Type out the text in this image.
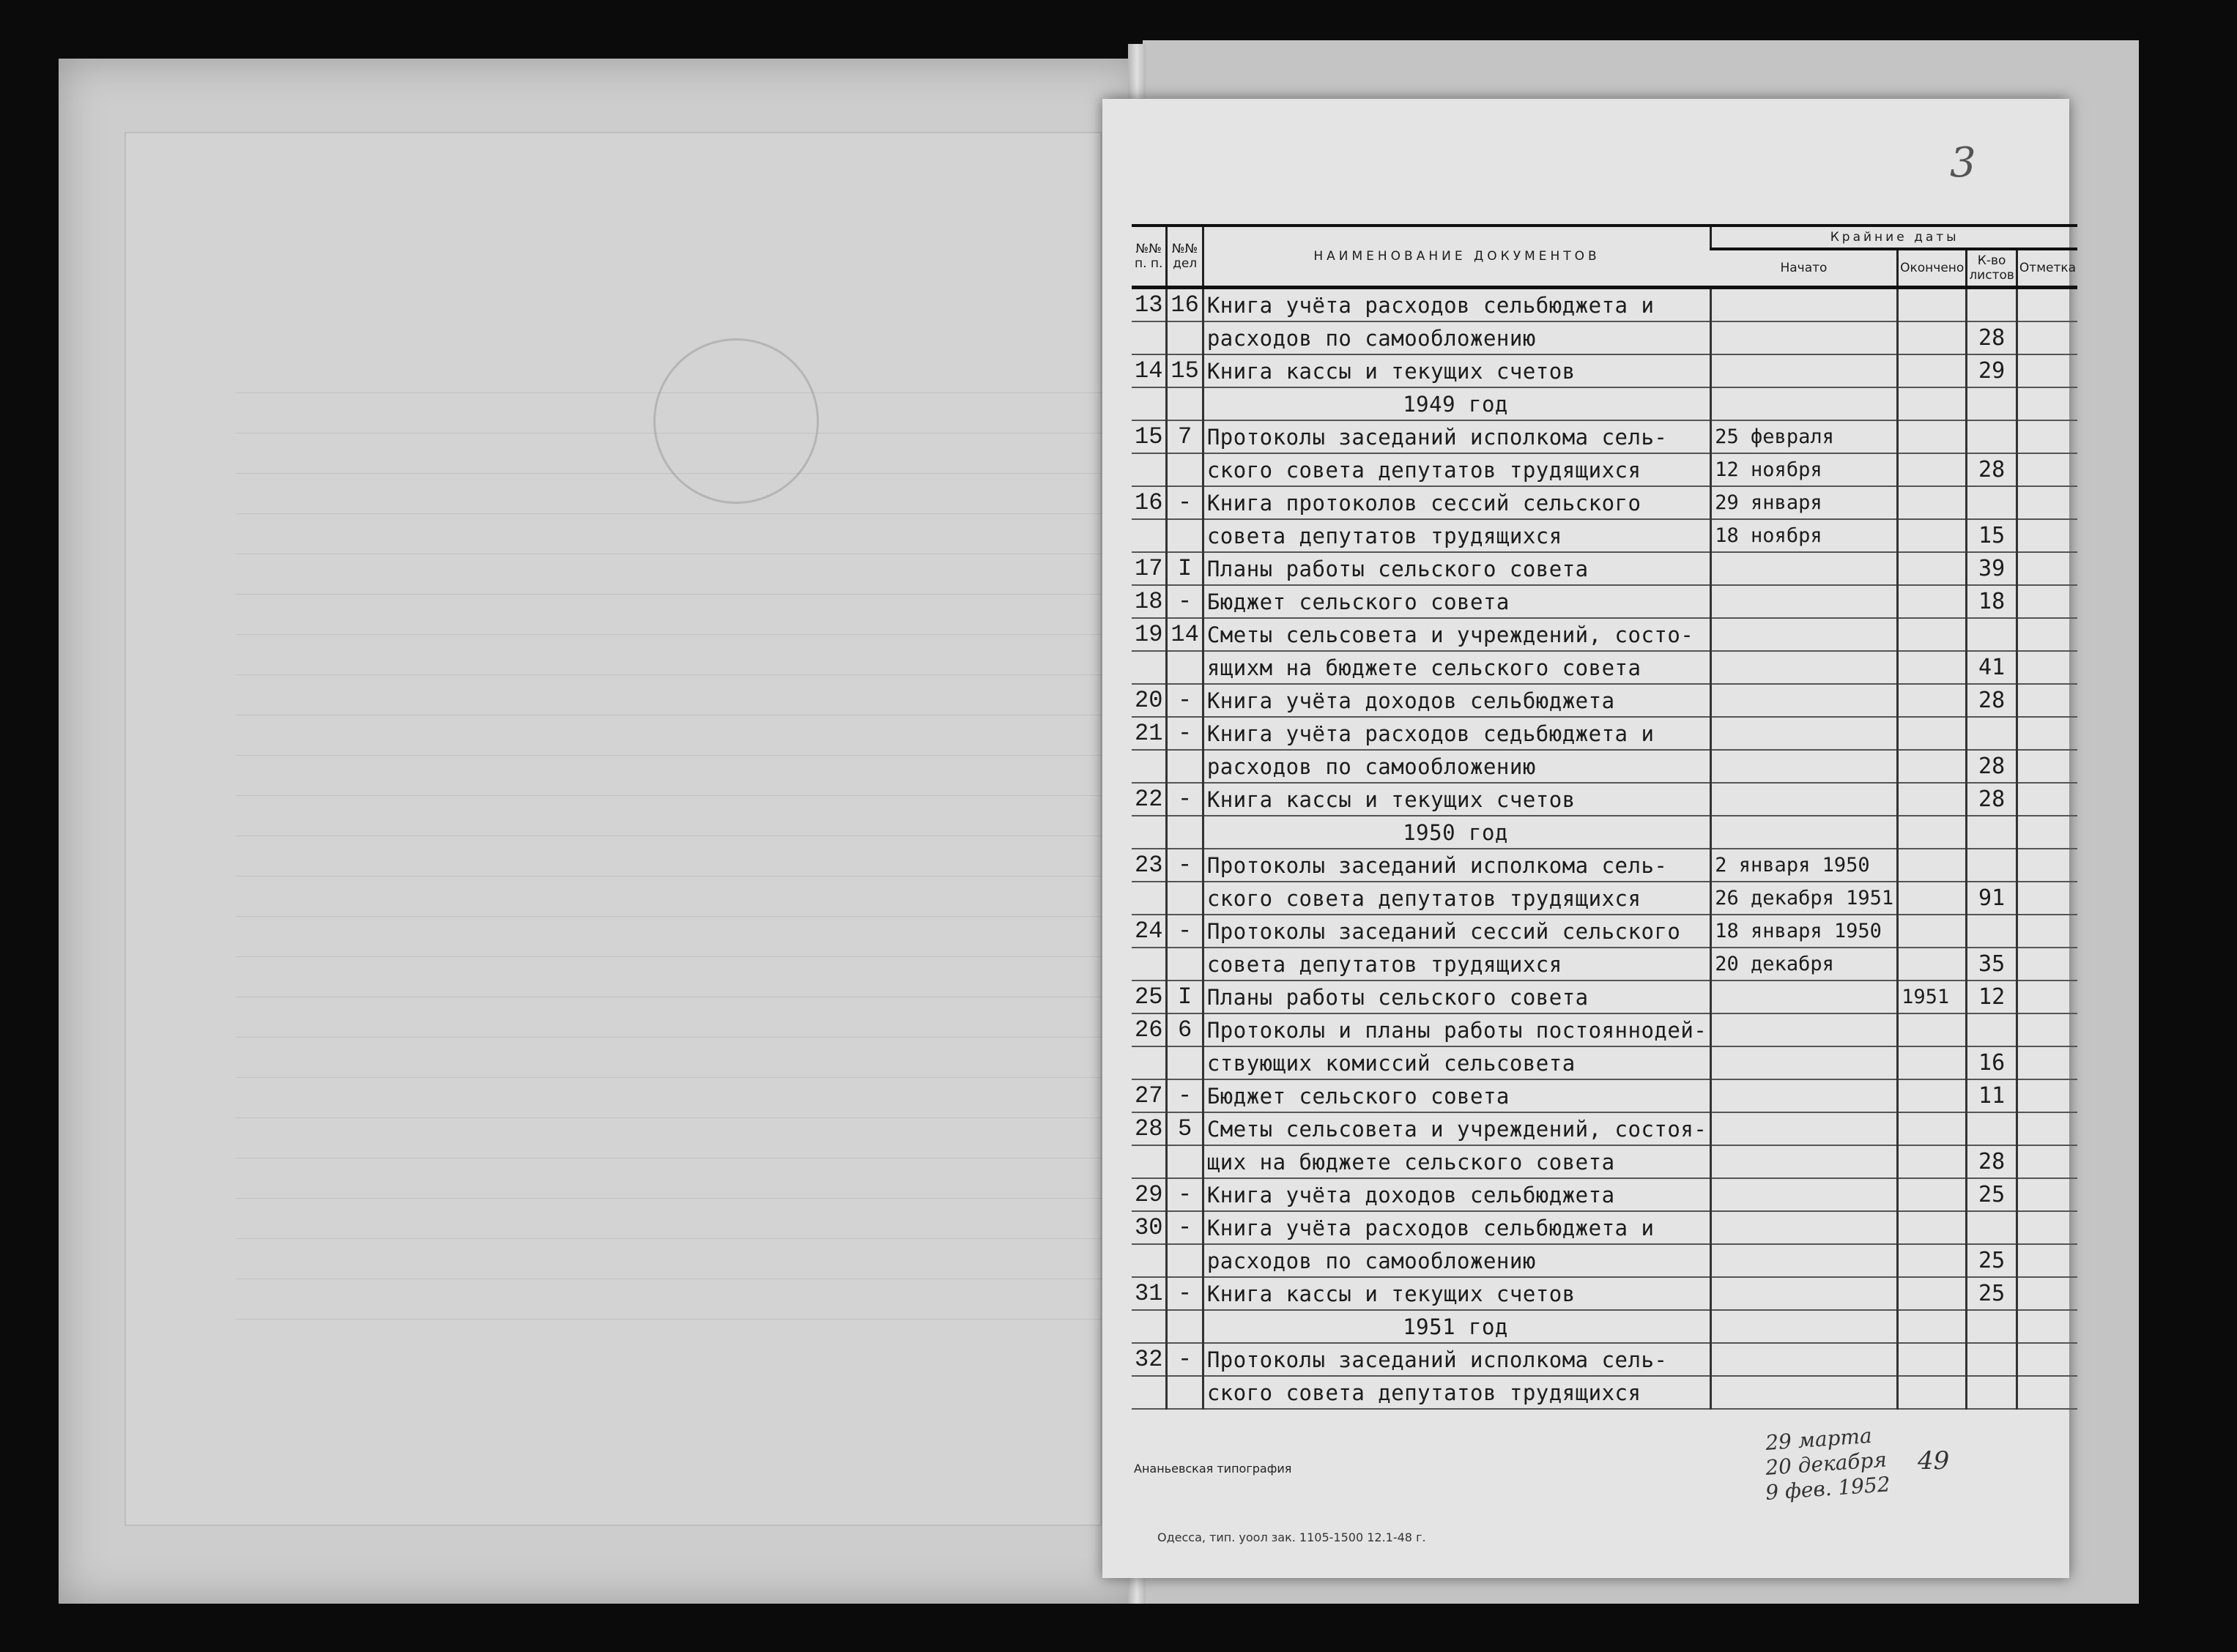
3
№№ п. п.	№№ дел	НАИМЕНОВАНИЕ ДОКУМЕНТОВ	Крайние даты			
			Начато	Окончено	К-во листов	Отметка
13	16	Книга учёта расходов сельбюджета и				
		расходов по самообложению			28	
14	15	Книга кассы и текущих счетов			29	
		1949 год				
15	7	Протоколы заседаний исполкома сель-	25 февраля			
		ского совета депутатов трудящихся	12 ноября		28	
16	-	Книга протоколов сессий сельского	29 января			
		совета депутатов трудящихся	18 ноября		15	
17	I	Планы работы сельского совета			39	
18	-	Бюджет сельского совета			18	
19	14	Сметы сельсовета и учреждений, состо-				
		ящихм на бюджете сельского совета			41	
20	-	Книга учёта доходов сельбюджета			28	
21	-	Книга учёта расходов седьбюджета и				
		расходов по самообложению			28	
22	-	Книга кассы и текущих счетов			28	
		1950 год				
23	-	Протоколы заседаний исполкома сель-	2 января 1950			
		ского совета депутатов трудящихся	26 декабря 1951		91	
24	-	Протоколы заседаний сессий сельского	18 января 1950			
		совета депутатов трудящихся	20 декабря		35	
25	I	Планы работы сельского совета		1951	12	
26	6	Протоколы и планы работы постояннодей-				
		ствующих комиссий сельсовета			16	
27	-	Бюджет сельского совета			11	
28	5	Сметы сельсовета и учреждений, состоя-				
		щих на бюджете сельского совета			28	
29	-	Книга учёта доходов сельбюджета			25	
30	-	Книга учёта расходов сельбюджета и				
		расходов по самообложению			25	
31	-	Книга кассы и текущих счетов			25	
		1951 год				
32	-	Протоколы заседаний исполкома сель-				
		ского совета депутатов трудящихся				
Ананьевская типография
Одесса, тип. уоол зак. 1105-1500 12.1-48 г.
29 марта
20 декабря
9 фев. 1952
49
